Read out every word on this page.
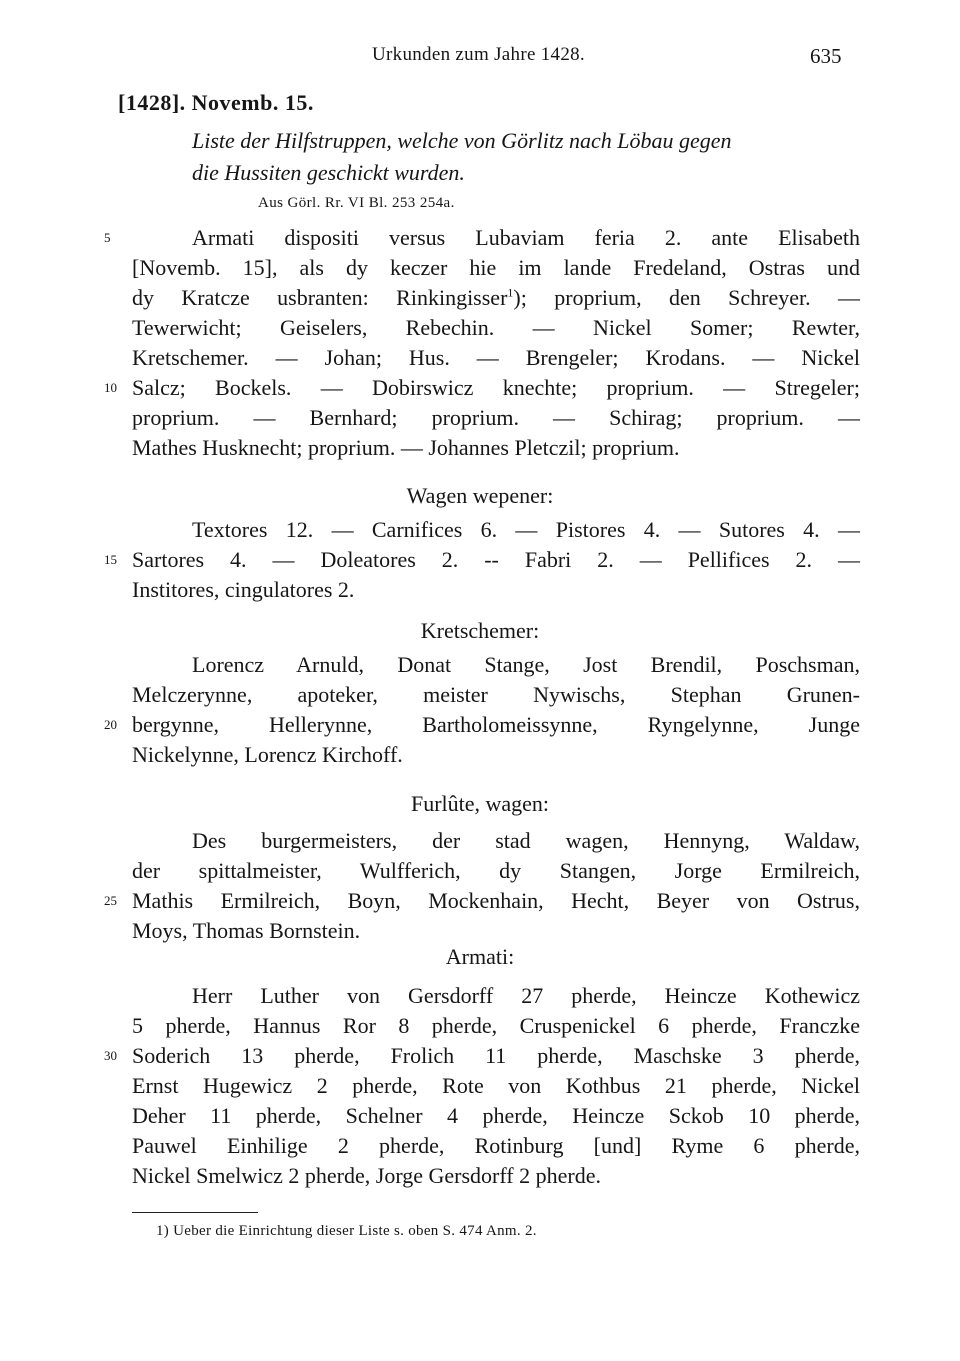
Urkunden zum Jahre 1428.	635
[1428]. Novemb. 15.
Liste der Hilfstruppen, welche von Görlitz nach Löbau gegen
die Hussiten geschickt wurden.
Aus Görl. Rr. VI Bl. 253 254a.
Armati dispositi versus Lubaviam feria 2. ante Elisabeth
[Novemb. 15], als dy keczer hie im lande Fredeland, Ostras und
dy Kratcze usbranten: Rinkingisser$^1$); proprium, den Schreyer. —
Tewerwicht; Geiselers, Rebechin. — Nickel Somer; Rewter,
Kretschemer. — Johan; Hus. — Brengeler; Krodans. — Nickel
Salcz; Bockels. — Dobirswicz knechte; proprium. — Stregeler;
proprium. — Bernhard; proprium. — Schirag; proprium. —
Mathes Husknecht; proprium. — Johannes Pletczil; proprium.
Wagen wepener:
Textores 12. — Carnifices 6. — Pistores 4. — Sutores 4. —
Sartores 4. — Doleatores 2. -- Fabri 2. — Pellifices 2. —
Institores, cingulatores 2.
Kretschemer:
Lorencz Arnuld, Donat Stange, Jost Brendil, Poschsman,
Melczerynne, apoteker, meister Nywischs, Stephan Grunen-
bergynne, Hellerynne, Bartholomeissynne, Ryngelynne, Junge
Nickelynne, Lorencz Kirchoff.
Furlûte, wagen:
Des burgermeisters, der stad wagen, Hennyng, Waldaw,
der spittalmeister, Wulfferich, dy Stangen, Jorge Ermilreich,
Mathis Ermilreich, Boyn, Mockenhain, Hecht, Beyer von Ostrus,
Moys, Thomas Bornstein.
Armati:
Herr Luther von Gersdorff 27 pherde, Heincze Kothewicz
5 pherde, Hannus Ror 8 pherde, Cruspenickel 6 pherde, Franczke
Soderich 13 pherde, Frolich 11 pherde, Maschske 3 pherde,
Ernst Hugewicz 2 pherde, Rote von Kothbus 21 pherde, Nickel
Deher 11 pherde, Schelner 4 pherde, Heincze Sckob 10 pherde,
Pauwel Einhilige 2 pherde, Rotinburg [und] Ryme 6 pherde,
Nickel Smelwicz 2 pherde, Jorge Gersdorff 2 pherde.
5
10
15
20
25
30
1) Ueber die Einrichtung dieser Liste s. oben S. 474 Anm. 2.
